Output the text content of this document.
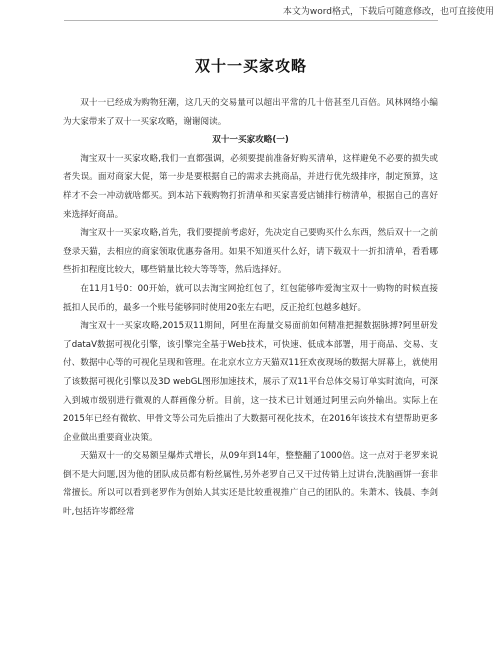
本文为word格式，下载后可随意修改，也可直接使用
双十一买家攻略

双十一已经成为购物狂潮，这几天的交易量可以超出平常的几十倍甚至几百倍。风林网络小编为大家带来了双十一买家攻略，谢谢阅读。

双十一买家攻略(一)

淘宝双十一买家攻略,我们一直都强调，必须要提前准备好购买清单，这样避免不必要的损失或者失误。面对商家大促，第一步是要根据自己的需求去挑商品，并进行优先级排序，制定预算，这样才不会一冲动就啥都买。到本站下载购物打折清单和买家喜爱店铺排行榜清单，根据自己的喜好来选择好商品。

淘宝双十一买家攻略,首先，我们要提前考虑好，先决定自己要购买什么东西，然后双十一之前登录天猫，去相应的商家领取优惠券备用。如果不知道买什么好，请下载双十一折扣清单，看看哪些折扣程度比较大，哪些销量比较大等等等，然后选择好。

在11月1号0：00开始，就可以去淘宝网抢红包了，红包能够咋爱淘宝双十一购物的时候直接抵扣人民币的，最多一个账号能够同时使用20张左右吧，反正抢红包越多越好。

淘宝双十一买家攻略,2015双11期间，阿里在海量交易面前如何精准把握数据脉搏?阿里研发了dataV数据可视化引擎，该引擎完全基于Web技术，可快速、低成本部署，用于商品、交易、支付、数据中心等的可视化呈现和管理。在北京水立方天猫双11狂欢夜现场的数据大屏幕上，就使用了该数据可视化引擎以及3D webGL图形加速技术，展示了双11平台总体交易订单实时流向，可深入到城市级别进行微观的人群画像分析。目前，这一技术已计划通过阿里云向外输出。实际上在2015年已经有微软、甲骨文等公司先后推出了大数据可视化技术，在2016年该技术有望帮助更多企业做出重要商业决策。

天猫双十一的交易额呈爆炸式增长，从09年到14年，整整翻了1000倍。这一点对于老罗来说倒不是大问题,因为他的团队成员都有粉丝属性,另外老罗自己又干过传销上过讲台,洗脑画饼一套非常擅长。所以可以看到老罗作为创始人其实还是比较重视推广自己的团队的。朱萧木、钱晨、李剑叶,包括许岑都经常
